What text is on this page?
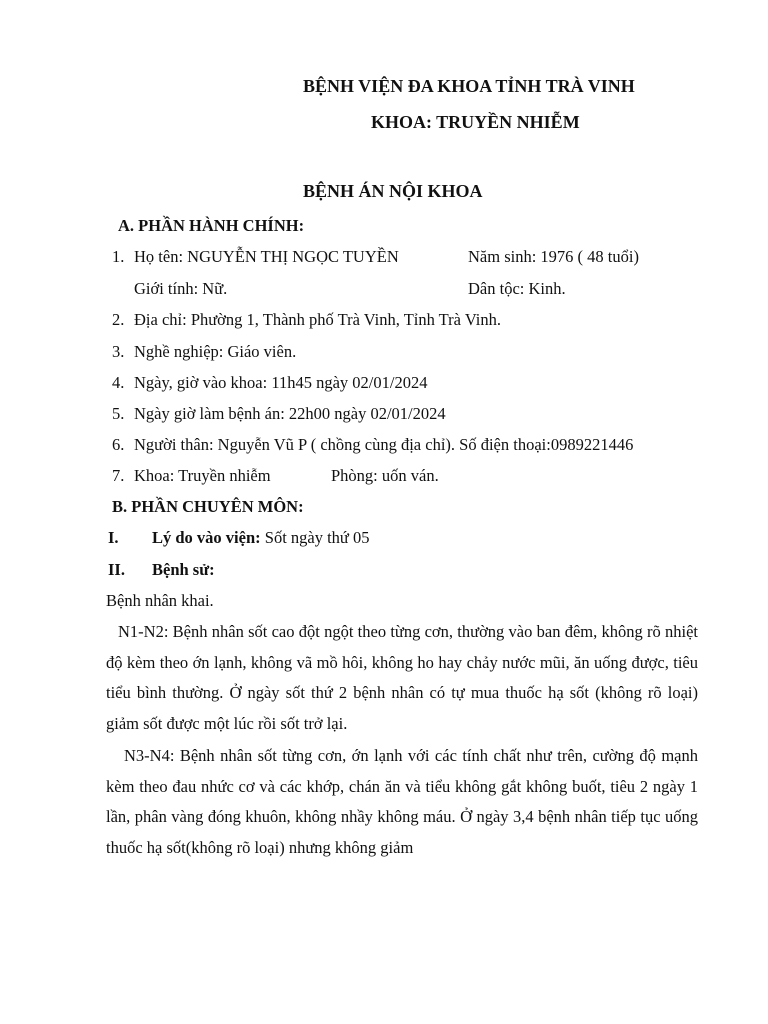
BỆNH VIỆN ĐA KHOA TỈNH TRÀ VINH
KHOA: TRUYỀN NHIỄM
BỆNH ÁN NỘI KHOA
A. PHẦN HÀNH CHÍNH:
1. Họ tên: NGUYỄN THỊ NGỌC TUYỀN	Năm sinh: 1976 ( 48 tuổi)
Giới tính: Nữ.	Dân tộc: Kinh.
2. Địa chỉ: Phường 1, Thành phố Trà Vinh, Tỉnh Trà Vinh.
3. Nghề nghiệp: Giáo viên.
4. Ngày, giờ vào khoa: 11h45 ngày 02/01/2024
5. Ngày giờ làm bệnh án: 22h00 ngày 02/01/2024
6. Người thân: Nguyễn Vũ P ( chồng cùng địa chỉ). Số điện thoại:0989221446
7. Khoa: Truyền nhiễm	Phòng: uốn ván.
B. PHẦN CHUYÊN MÔN:
I. Lý do vào viện: Sốt ngày thứ 05
II. Bệnh sử:
Bệnh nhân khai.
N1-N2: Bệnh nhân sốt cao đột ngột theo từng cơn, thường vào ban đêm, không rõ nhiệt độ kèm theo ớn lạnh, không vã mồ hôi, không ho hay chảy nước mũi, ăn uống được, tiêu tiểu bình thường. Ở ngày sốt thứ 2 bệnh nhân có tự mua thuốc hạ sốt (không rõ loại) giảm sốt được một lúc rồi sốt trở lại.
N3-N4: Bệnh nhân sốt từng cơn, ớn lạnh với các tính chất như trên, cường độ mạnh kèm theo đau nhức cơ và các khớp, chán ăn và tiểu không gắt không buốt, tiêu 2 ngày 1 lần, phân vàng đóng khuôn, không nhầy không máu. Ở ngày 3,4 bệnh nhân tiếp tục uống thuốc hạ sốt(không rõ loại) nhưng không giảm
